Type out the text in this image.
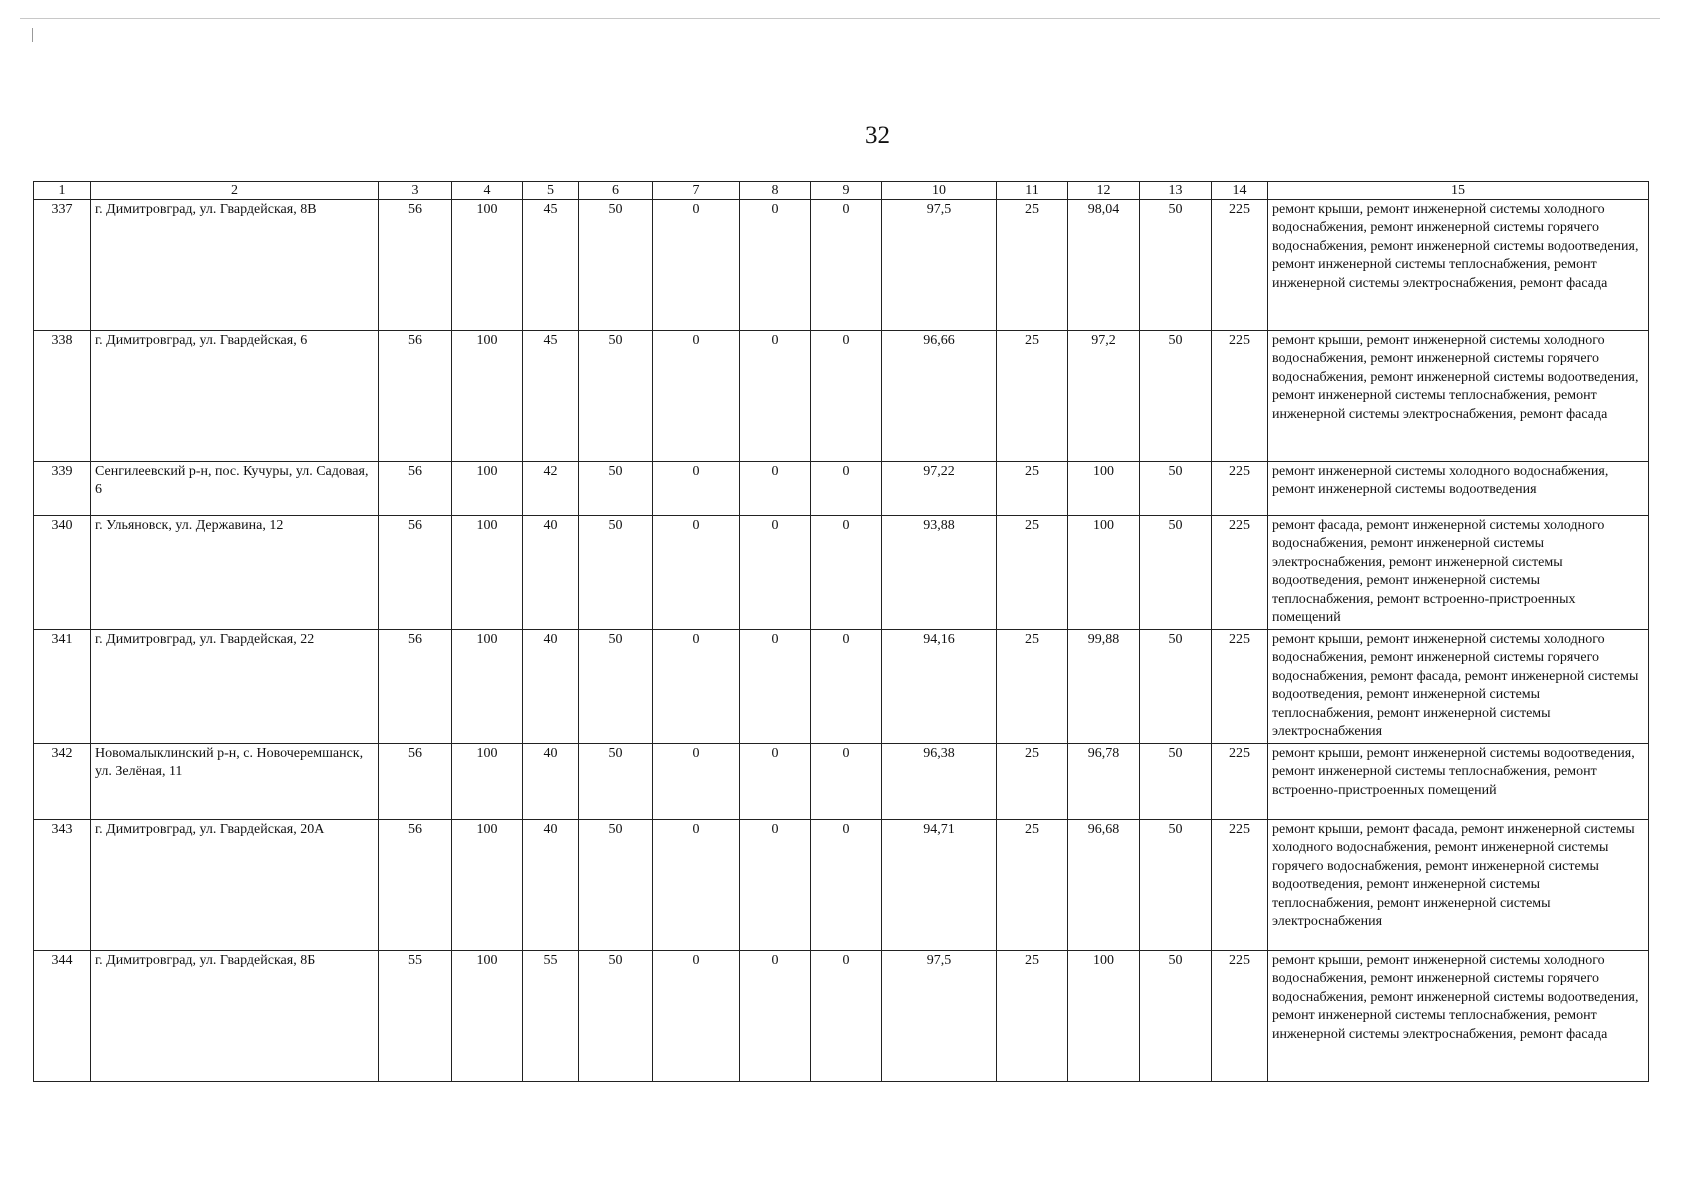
32
1	2	3	4	5	6	7	8	9	10	11	12	13	14	15
337	г. Димитровград, ул. Гвардейская, 8В	56	100	45	50	0	0	0	97,5	25	98,04	50	225	ремонт крыши, ремонт инженерной системы холодного водоснабжения, ремонт инженерной системы горячего водоснабжения, ремонт инженерной системы водоотведения, ремонт инженерной системы теплоснабжения, ремонт инженерной системы электроснабжения, ремонт фасада
338	г. Димитровград, ул. Гвардейская, 6	56	100	45	50	0	0	0	96,66	25	97,2	50	225	ремонт крыши, ремонт инженерной системы холодного водоснабжения, ремонт инженерной системы горячего водоснабжения, ремонт инженерной системы водоотведения, ремонт инженерной системы теплоснабжения, ремонт инженерной системы электроснабжения, ремонт фасада
339	Сенгилеевский р-н, пос. Кучуры, ул. Садовая, 6	56	100	42	50	0	0	0	97,22	25	100	50	225	ремонт инженерной системы холодного водоснабжения, ремонт инженерной системы водоотведения
340	г. Ульяновск, ул. Державина, 12	56	100	40	50	0	0	0	93,88	25	100	50	225	ремонт фасада, ремонт инженерной системы холодного водоснабжения, ремонт инженерной системы электроснабжения, ремонт инженерной системы водоотведения, ремонт инженерной системы теплоснабжения, ремонт встроенно-пристроенных помещений
341	г. Димитровград, ул. Гвардейская, 22	56	100	40	50	0	0	0	94,16	25	99,88	50	225	ремонт крыши, ремонт инженерной системы холодного водоснабжения, ремонт инженерной системы горячего водоснабжения, ремонт фасада, ремонт инженерной системы водоотведения, ремонт инженерной системы теплоснабжения, ремонт инженерной системы электроснабжения
342	Новомалыклинский р-н, с. Новочеремшанск, ул. Зелёная, 11	56	100	40	50	0	0	0	96,38	25	96,78	50	225	ремонт крыши, ремонт инженерной системы водоотведения, ремонт инженерной системы теплоснабжения, ремонт встроенно-пристроенных помещений
343	г. Димитровград, ул. Гвардейская, 20А	56	100	40	50	0	0	0	94,71	25	96,68	50	225	ремонт крыши, ремонт фасада, ремонт инженерной системы холодного водоснабжения, ремонт инженерной системы горячего водоснабжения, ремонт инженерной системы водоотведения, ремонт инженерной системы теплоснабжения, ремонт инженерной системы электроснабжения
344	г. Димитровград, ул. Гвардейская, 8Б	55	100	55	50	0	0	0	97,5	25	100	50	225	ремонт крыши, ремонт инженерной системы холодного водоснабжения, ремонт инженерной системы горячего водоснабжения, ремонт инженерной системы водоотведения, ремонт инженерной системы теплоснабжения, ремонт инженерной системы электроснабжения, ремонт фасада
